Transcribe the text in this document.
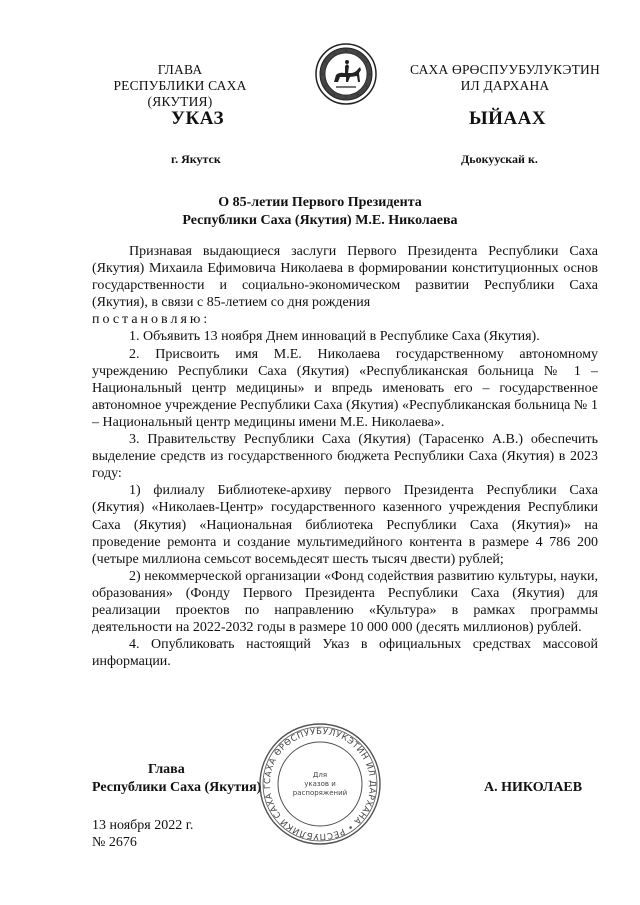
ГЛАВА
РЕСПУБЛИКИ САХА (ЯКУТИЯ)
САХА ӨРӨСПУУБУЛУКЭТИН
ИЛ ДАРХАНА
УКАЗ	ЫЙААХ
г. Якутск	Дьокуускай к.
О 85-летии Первого Президента
Республики Саха (Якутия) М.Е. Николаева

Признавая выдающиеся заслуги Первого Президента Республики Саха (Якутия) Михаила Ефимовича Николаева в формировании конституционных основ государственности и социально-экономическом развитии Республики Саха (Якутия), в связи с 85-летием со дня рождения

постановляю:

1. Объявить 13 ноября Днем инноваций в Республике Саха (Якутия).

2. Присвоить имя М.Е. Николаева государственному автономному учреждению Республики Саха (Якутия) «Республиканская больница № 1 – Национальный центр медицины» и впредь именовать его – государственное автономное учреждение Республики Саха (Якутия) «Республиканская больница № 1 – Национальный центр медицины имени М.Е. Николаева».

3. Правительству Республики Саха (Якутия) (Тарасенко А.В.) обеспечить выделение средств из государственного бюджета Республики Саха (Якутия) в 2023 году:

1) филиалу Библиотеке-архиву первого Президента Республики Саха (Якутия) «Николаев-Центр» государственного казенного учреждения Республики Саха (Якутия) «Национальная библиотека Республики Саха (Якутия)» на проведение ремонта и создание мультимедийного контента в размере 4 786 200 (четыре миллиона семьсот восемьдесят шесть тысяч двести) рублей;

2) некоммерческой организации «Фонд содействия развитию культуры, науки, образования» (Фонду Первого Президента Республики Саха (Якутия) для реализации проектов по направлению «Культура» в рамках программы деятельности на 2022-2032 годы в размере 10 000 000 (десять миллионов) рублей.

4. Опубликовать настоящий Указ в официальных средствах массовой информации.

Глава
Республики Саха (Якутия) САХА ӨРӨСПУУБУЛУКЭТИН ИЛ ДАРХАНА • РЕСПУБЛИКИ САХА Г
Для
указов и
распоряжений	А. НИКОЛАЕВ
13 ноября 2022 г.
№ 2676
